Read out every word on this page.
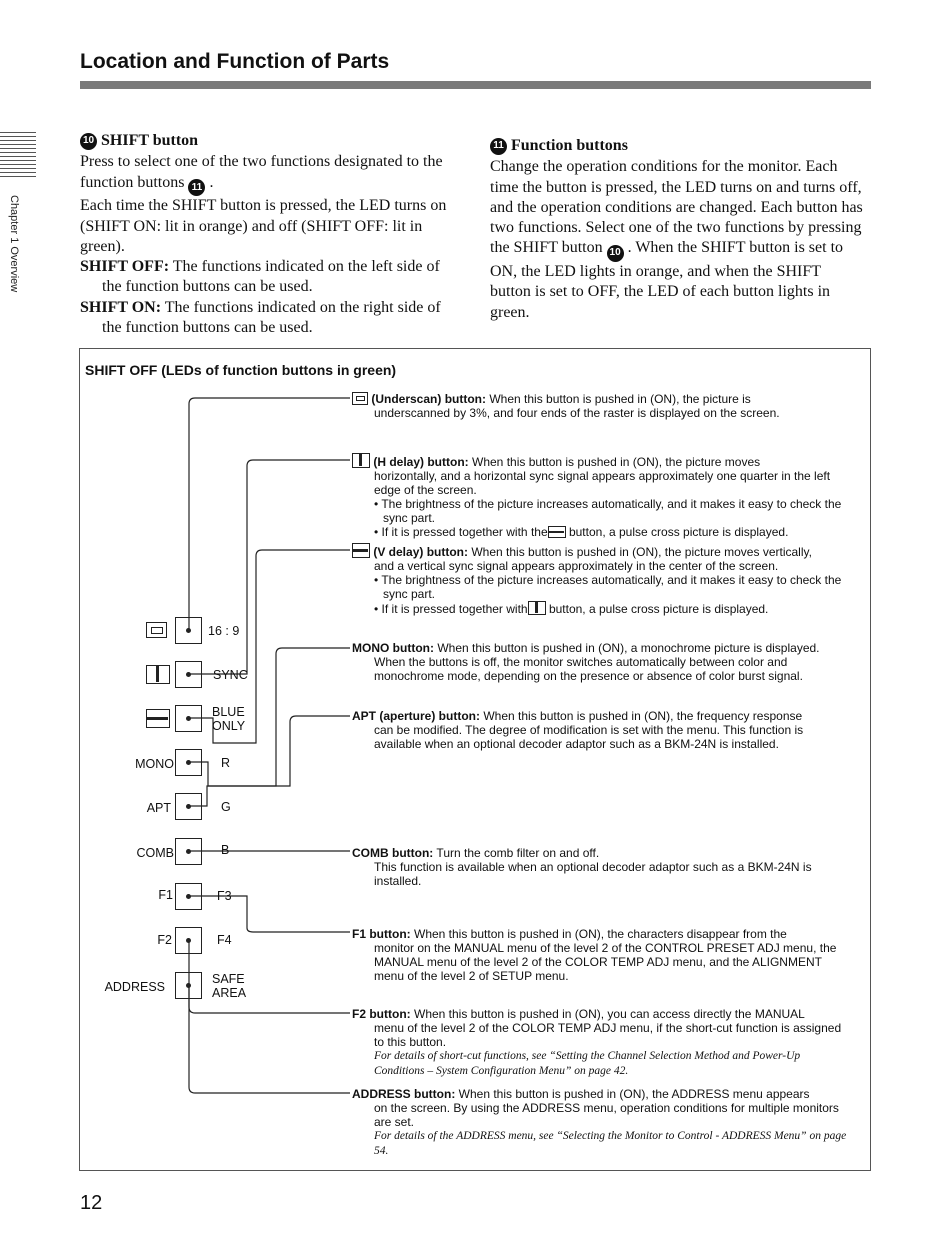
Location and Function of Parts
Chapter 1 Overview
10 SHIFT button

Press to select one of the two functions designated to the function buttons 11 .

Each time the SHIFT button is pressed, the LED turns on (SHIFT ON: lit in orange) and off (SHIFT OFF: lit in green).

SHIFT OFF: The functions indicated on the left side of the function buttons can be used.

SHIFT ON: The functions indicated on the right side of the function buttons can be used.

11 Function buttons

Change the operation conditions for the monitor. Each time the button is pressed, the LED turns on and turns off, and the operation conditions are changed. Each button has two functions. Select one of the two functions by pressing the SHIFT button 10 . When the SHIFT button is set to ON, the LED lights in orange, and when the SHIFT button is set to OFF, the LED of each button lights in green.

SHIFT OFF (LEDs of function buttons in green)
MONO
APT
COMB
F1
F2
ADDRESS
16 : 9
SYNC
BLUE
ONLY
R
G
B
F3
F4
SAFE
AREA
(Underscan) button: When this button is pushed in (ON), the picture is
underscanned by 3%, and four ends of the raster is displayed on the screen.
(H delay) button: When this button is pushed in (ON), the picture moves
horizontally, and a horizontal sync signal appears approximately one quarter in the left edge of the screen.
• The brightness of the picture increases automatically, and it makes it easy to check the sync part.
• If it is pressed together with the
button, a pulse cross picture is displayed.
(V delay) button: When this button is pushed in (ON), the picture moves vertically,
and a vertical sync signal appears approximately in the center of the screen.
• The brightness of the picture increases automatically, and it makes it easy to check the sync part.
• If it is pressed together with
button, a pulse cross picture is displayed.
MONO button: When this button is pushed in (ON), a monochrome picture is displayed.
When the buttons is off, the monitor switches automatically between color and monochrome mode, depending on the presence or absence of color burst signal.
APT (aperture) button: When this button is pushed in (ON), the frequency response
can be modified. The degree of modification is set with the menu. This function is available when an optional decoder adaptor such as a BKM-24N is installed.
COMB button: Turn the comb filter on and off.
This function is available when an optional decoder adaptor such as a BKM-24N is installed.
F1 button: When this button is pushed in (ON), the characters disappear from the
monitor on the MANUAL menu of the level 2 of the CONTROL PRESET ADJ menu, the MANUAL menu of the level 2 of the COLOR TEMP ADJ menu, and the ALIGNMENT menu of the level 2 of SETUP menu.
F2 button: When this button is pushed in (ON), you can access directly the MANUAL
menu of the level 2 of the COLOR TEMP ADJ menu, if the short-cut function is assigned to this button.
For details of short-cut functions, see “Setting the Channel Selection Method and Power-Up Conditions – System Configuration Menu” on page 42.
ADDRESS button: When this button is pushed in (ON), the ADDRESS menu appears
on the screen. By using the ADDRESS menu, operation conditions for multiple monitors are set.
For details of the ADDRESS menu, see “Selecting the Monitor to Control - ADDRESS Menu” on page 54.
12
